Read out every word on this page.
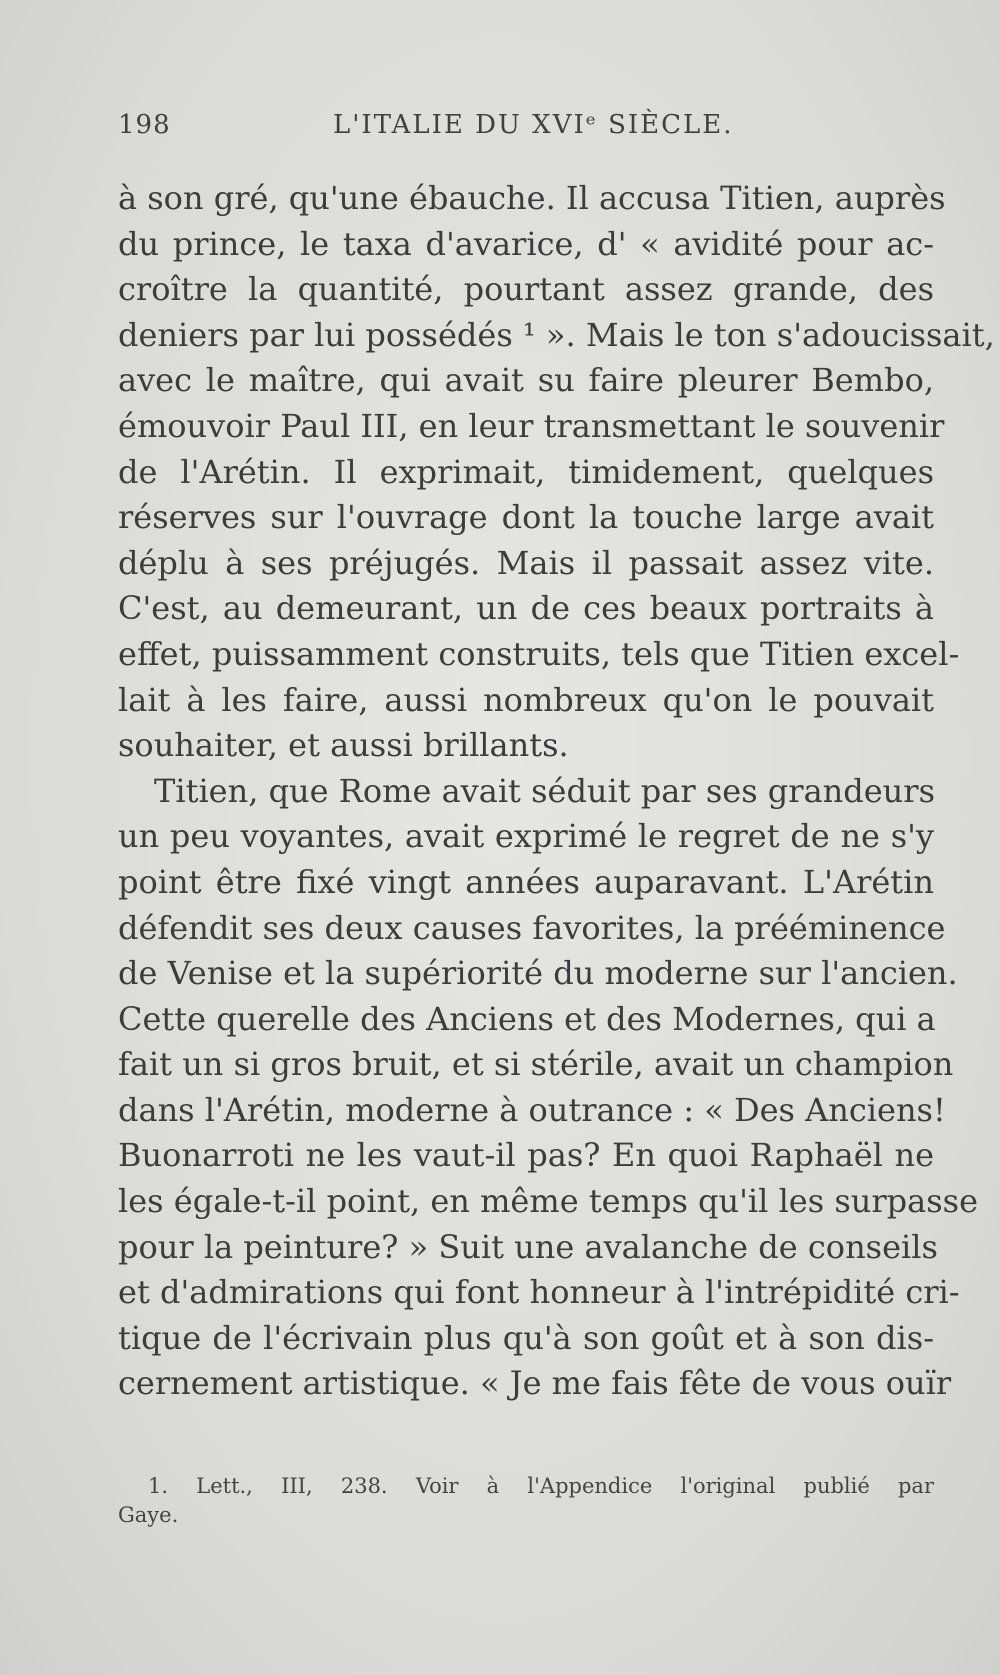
198	L'ITALIE DU XVIᵉ SIÈCLE.
à son gré, qu'une ébauche. Il accusa Titien, auprès
du prince, le taxa d'avarice, d' « avidité pour ac-
croître la quantité, pourtant assez grande, des
deniers par lui possédés ¹ ». Mais le ton s'adoucissait,
avec le maître, qui avait su faire pleurer Bembo,
émouvoir Paul III, en leur transmettant le souvenir
de l'Arétin. Il exprimait, timidement, quelques
réserves sur l'ouvrage dont la touche large avait
déplu à ses préjugés. Mais il passait assez vite.
C'est, au demeurant, un de ces beaux portraits à
effet, puissamment construits, tels que Titien excel-
lait à les faire, aussi nombreux qu'on le pouvait
souhaiter, et aussi brillants.
Titien, que Rome avait séduit par ses grandeurs
un peu voyantes, avait exprimé le regret de ne s'y
point être fixé vingt années auparavant. L'Arétin
défendit ses deux causes favorites, la prééminence
de Venise et la supériorité du moderne sur l'ancien.
Cette querelle des Anciens et des Modernes, qui a
fait un si gros bruit, et si stérile, avait un champion
dans l'Arétin, moderne à outrance : « Des Anciens!
Buonarroti ne les vaut-il pas? En quoi Raphaël ne
les égale-t-il point, en même temps qu'il les surpasse
pour la peinture? » Suit une avalanche de conseils
et d'admirations qui font honneur à l'intrépidité cri-
tique de l'écrivain plus qu'à son goût et à son dis-
cernement artistique. « Je me fais fête de vous ouïr
1. Lett., III, 238. Voir à l'Appendice l'original publié par
Gaye.
